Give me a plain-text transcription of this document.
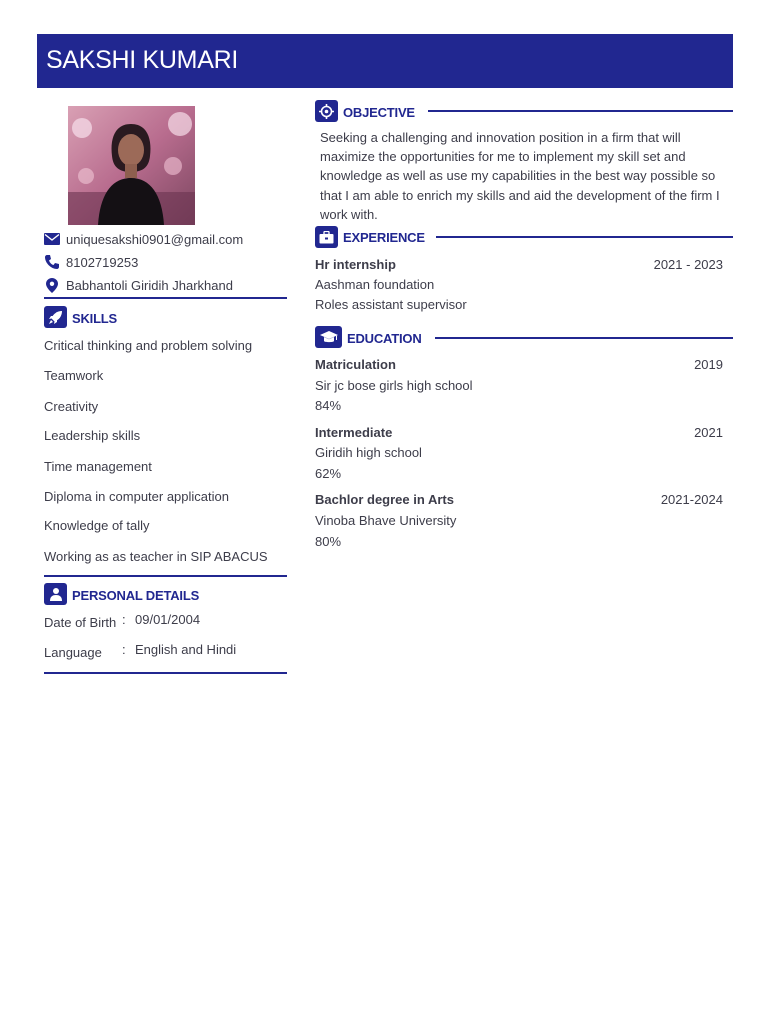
SAKSHI KUMARI
uniquesakshi0901@gmail.com
8102719253
Babhantoli Giridih Jharkhand
SKILLS
Critical thinking and problem solving
Teamwork
Creativity
Leadership skills
Time management
Diploma in computer application
Knowledge of tally
Working as as teacher in SIP ABACUS
PERSONAL DETAILS
Date of Birth : 09/01/2004
Language : English and Hindi
OBJECTIVE
Seeking a challenging and innovation position in a firm that will maximize the opportunities for me to implement my skill set and knowledge as well as use my capabilities in the best way possible so that I am able to enrich my skills and aid the development of the firm I work with.
EXPERIENCE
Hr internship	2021 - 2023
Aashman foundation
Roles assistant supervisor
EDUCATION
Matriculation	2019
Sir jc bose girls high school
84%
Intermediate	2021
Giridih high school
62%
Bachlor degree in Arts	2021-2024
Vinoba Bhave University
80%
